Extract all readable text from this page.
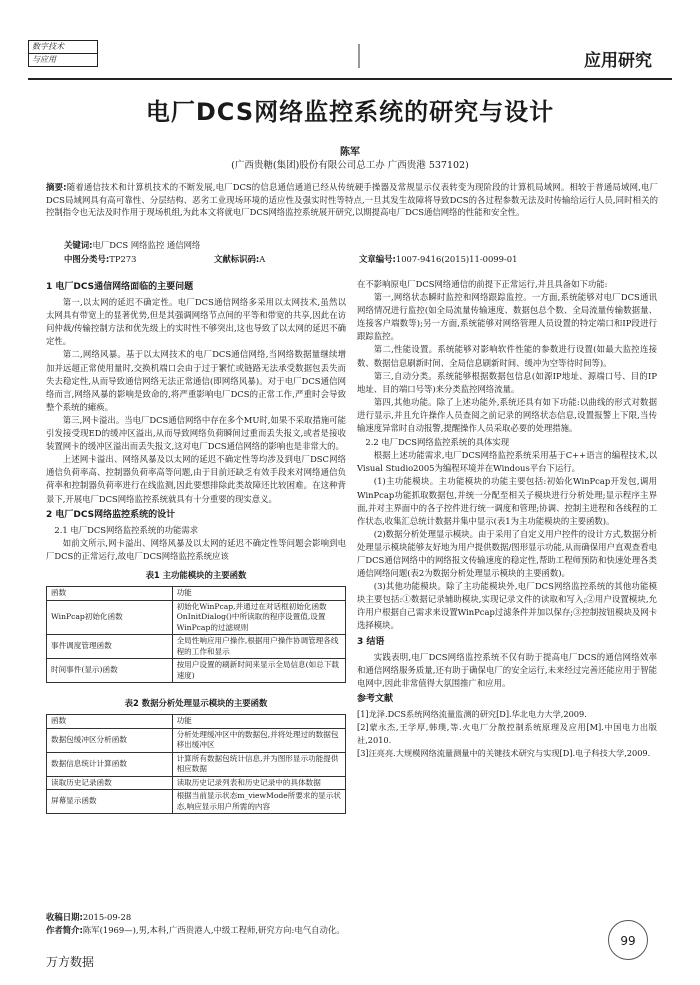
数字技术
与应用	应用研究
电厂DCS网络监控系统的研究与设计
陈军
(广西贵糖(集团)股份有限公司总工办 广西贵港 537102)
摘要:随着通信技术和计算机技术的不断发展,电厂DCS的信息通信通道已经从传统硬手操器及常规显示仪表转变为现阶段的计算机局域网。相较于普通局域网,电厂DCS局域网具有高可靠性、分层结构、恶劣工业现场环境的适应性及强实时性等特点,一旦其发生故障将导致DCS的各过程参数无法及时传输给运行人员,同时相关的控制指令也无法及时作用于现场机组,为此本文将就电厂DCS网络监控系统展开研究,以期提高电厂DCS通信网络的性能和安全性。
关键词:电厂DCS 网络监控 通信网络
中图分类号:TP273	文献标识码:A	文章编号:1007-9416(2015)11-0099-01

1 电厂DCS通信网络面临的主要问题

第一,以太网的延迟不确定性。电厂DCS通信网络多采用以太网技术,虽然以太网具有带宽上的显著优势,但是其强调网络节点间的平等和带宽的共享,因此在访问仲裁/传输控制方法和优先级上的实时性不够突出,这也导致了以太网的延迟不确定性。

第二,网络风暴。基于以太网技术的电厂DCS通信网络,当网络数据量继续增加并远超正常使用量时,交换机端口会由于过于繁忙或链路无法承受数据包丢失而失去稳定性,从而导致通信网络无法正常通信(即网络风暴)。对于电厂DCS通信网络而言,网络风暴的影响是致命的,将严重影响电厂DCS的正常工作,严重时会导致整个系统的瘫痪。

第三,网卡溢出。当电厂DCS通信网络中存在多个MU时,如果不采取措施可能引发接受现ED的缓冲区溢出,从而导致网络负荷瞬间过重而丢失报文,或者是接收装置网卡的缓冲区溢出而丢失报文,这对电厂DCS通信网络的影响也是非常大的。

上述网卡溢出、网络风暴及以太网的延迟不确定性等均涉及到电厂DSC网络通信负荷率高、控制器负荷率高等问题,由于目前还缺乏有效手段来对网络通信负荷率和控制器负荷率进行在线监测,因此要想排除此类故障还比较困难。在这种背景下,开展电厂DCS网络监控系统就具有十分重要的现实意义。

2 电厂DCS网络监控系统的设计

2.1 电厂DCS网络监控系统的功能需求

如前文所示,网卡溢出、网络风暴及以太网的延迟不确定性等问题会影响到电厂DCS的正常运行,故电厂DCS网络监控系统应该

表1 主功能模块的主要函数

函数	功能
WinPcap初始化函数	初始化WinPcap,并通过在对话框初始化函数OnInitDialog()中所读取的程序设置值,设置WinPcap的过滤规则
事件调度管理函数	全局性响应用户操作,根据用户操作协调管理各线程的工作和显示
时间事件(显示)函数	按用户设置的刷新时间来显示全局信息(如总下载速度)

表2 数据分析处理显示模块的主要函数

函数	功能
数据包缓冲区分析函数	分析处理缓冲区中的数据包,并将处理过的数据包移出缓冲区
数据信息统计计算函数	计算所有数据包统计信息,并为图形显示功能提供相应数据
读取历史记录函数	读取历史记录列表和历史记录中的具体数据
屏幕显示函数	根据当前显示状态m_viewMode所要求的显示状态,响应显示用户所需的内容

在不影响原电厂DCS网络通信的前提下正常运行,并且具备如下功能:

第一,网络状态瞬时监控和网络跟踪监控。一方面,系统能够对电厂DCS通讯网络情况进行监控(如全局流量传输速度、数据包总个数、全局流量传输数据量、连接客户端数等);另一方面,系统能够对网络管理人员设置的特定端口和IP段进行跟踪监控。

第二,性能设置。系统能够对影响软件性能的参数进行设置(如最大监控连接数、数据信息刷新时间、全局信息刷新时间、缓冲为空等待时间等)。

第三,自动分类。系统能够根据数据包信息(如源IP地址、源端口号、目的IP地址、目的端口号等)来分类监控网络流量。

第四,其他功能。除了上述功能外,系统还具有如下功能:以曲线的形式对数据进行显示,并且允许操作人员查阅之前记录的网络状态信息,设置报警上下限,当传输速度异常时自动报警,提醒操作人员采取必要的处理措施。

2.2 电厂DCS网络监控系统的具体实现

根据上述功能需求,电厂DCS网络监控系统采用基于C++语言的编程技术,以Visual Studio2005为编程环境并在Windous平台下运行。

(1)主功能模块。主功能模块的功能主要包括:初始化WinPcap开发包,调用WinPcap功能抓取数据包,并统一分配至相关子模块进行分析处理;显示程序主界面,并对主界面中的各子控件进行统一调度和管理;协调、控制主进程和各线程的工作状态,收集汇总统计数据并集中显示(表1为主功能模块的主要函数)。

(2)数据分析处理显示模块。由于采用了自定义用户控件的设计方式,数据分析处理显示模块能够友好地为用户提供数据/图形显示功能,从而确保用户直观查看电厂DCS通信网络中的网络报文传输速度的稳定性,帮助工程师预防和快速处理各类通信网络问题(表2为数据分析处理显示模块的主要函数)。

(3)其他功能模块。除了主功能模块外,电厂DCS网络监控系统的其他功能模块主要包括:①数据记录辅助模块,实现记录文件的读取和写入;②用户设置模块,允许用户根据自己需求来设置WinPcap过滤条件并加以保存;③控制按钮模块及网卡选择模块。

3 结语

实践表明,电厂DCS网络监控系统不仅有助于提高电厂DCS的通信网络效率和通信网络服务质量,还有助于确保电厂的安全运行,未来经过完善还能应用于智能电网中,因此非常值得大氛围推广和应用。

参考文献

[1]龙泽.DCS系统网络流量监测的研究[D].华北电力大学,2009.

[2]蒙永杰,王学厚,韩璞,等.火电厂分散控制系统原理及应用[M].中国电力出版社,2010.

[3]汪亮亮.大规模网络流量测量中的关键技术研究与实现[D].电子科技大学,2009.

收稿日期:2015-09-28
作者简介:陈军(1969—),男,本科,广西贵港人,中级工程师,研究方向:电气自动化。
99
万方数据
